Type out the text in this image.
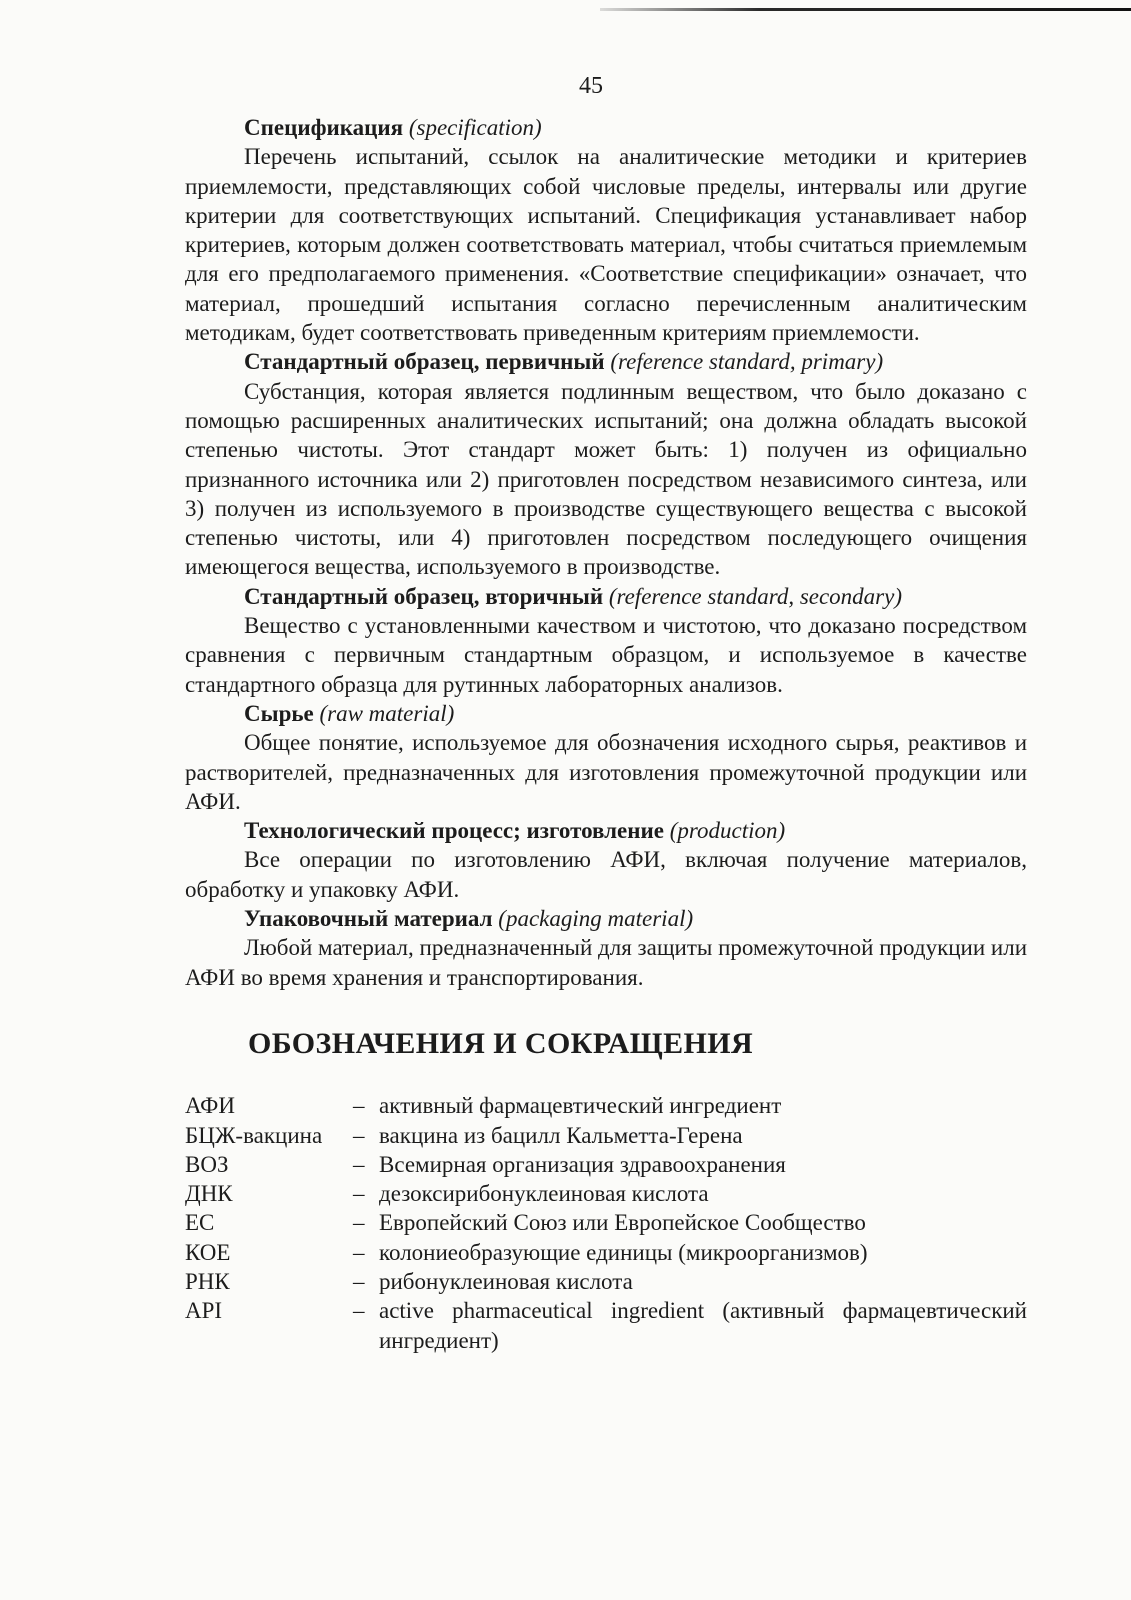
45

Спецификация (specification)

Перечень испытаний, ссылок на аналитические методики и критериев приемлемости, представляющих собой числовые пределы, интервалы или другие критерии для соответствующих испытаний. Спецификация устанавливает набор критериев, которым должен соответствовать материал, чтобы считаться приемлемым для его предполагаемого применения. «Соответствие спецификации» означает, что материал, прошедший испытания согласно перечисленным аналитическим методикам, будет соответствовать приведенным критериям приемлемости.

Стандартный образец, первичный (reference standard, primary)

Субстанция, которая является подлинным веществом, что было доказано с помощью расширенных аналитических испытаний; она должна обладать высокой степенью чистоты. Этот стандарт может быть: 1) получен из официально признанного источника или 2) приготовлен посредством независимого синтеза, или 3) получен из используемого в производстве существующего вещества с высокой степенью чистоты, или 4) приготовлен посредством последующего очищения имеющегося вещества, используемого в производстве.

Стандартный образец, вторичный (reference standard, secondary)

Вещество с установленными качеством и чистотою, что доказано посредством сравнения с первичным стандартным образцом, и используемое в качестве стандартного образца для рутинных лабораторных анализов.

Сырье (raw material)

Общее понятие, используемое для обозначения исходного сырья, реактивов и растворителей, предназначенных для изготовления промежуточной продукции или АФИ.

Технологический процесс; изготовление (production)

Все операции по изготовлению АФИ, включая получение материалов, обработку и упаковку АФИ.

Упаковочный материал (packaging material)

Любой материал, предназначенный для защиты промежуточной продукции или АФИ во время хранения и транспортирования.

ОБОЗНАЧЕНИЯ И СОКРАЩЕНИЯ
АФИ	–	активный фармацевтический ингредиент
БЦЖ-вакцина	–	вакцина из бацилл Кальметта-Герена
ВОЗ	–	Всемирная организация здравоохранения
ДНК	–	дезоксирибонуклеиновая кислота
ЕС	–	Европейский Союз или Европейское Сообщество
КОЕ	–	колониеобразующие единицы (микроорганизмов)
РНК	–	рибонуклеиновая кислота
API	–	active pharmaceutical ingredient (активный фармацевтический ингредиент)
